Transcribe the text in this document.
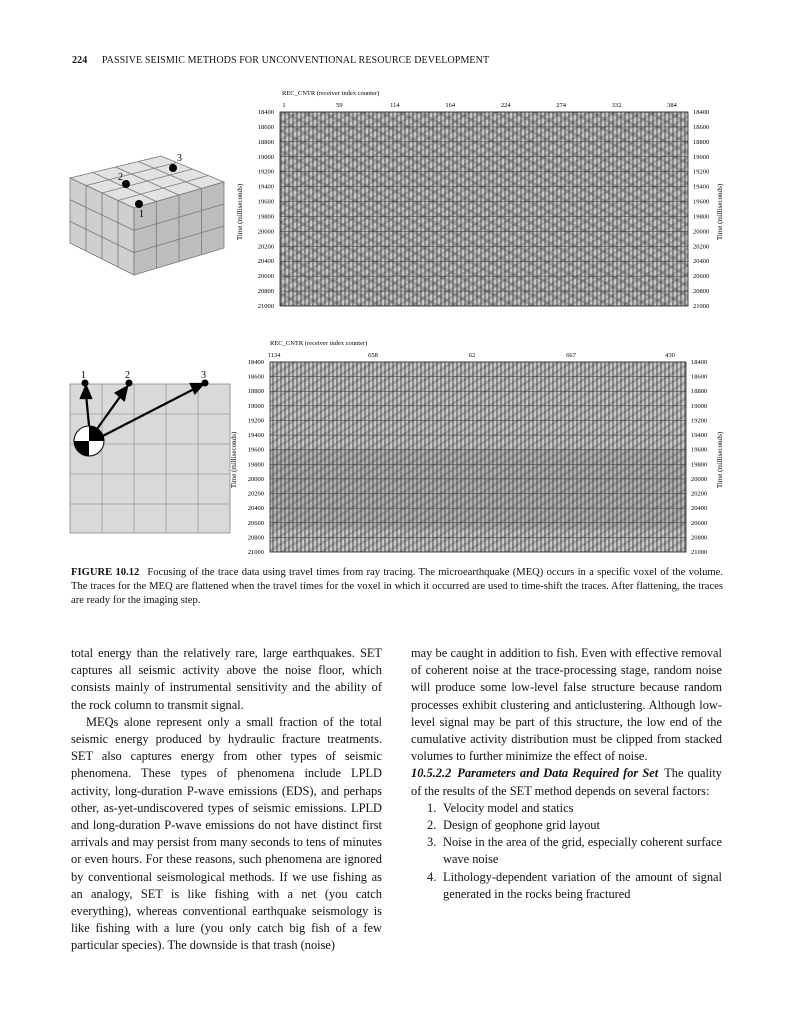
224 PASSIVE SEISMIC METHODS FOR UNCONVENTIONAL RESOURCE DEVELOPMENT
REC_CNTR (receiver index counter)
1	59	114	164	224	274	332	384
18400
18600
18800
19000
19200
19400
19600
19800
20000
20200
20400
20600
20800
21000
18400
18600
18800
19000
19200
19400
19600
19800
20000
20200
20400
20600
20800
21000
Time (milliseconds)	Time (milliseconds)
REC_CNTR (receiver index counter)
1134	658	62	667	430
18400
18600
18800
19000
19200
19400
19600
19800
20000
20200
20400
20600
20800
21000
18400
18600
18800
19000
19200
19400
19600
19800
20000
20200
20400
20600
20800
21000
Time (milliseconds)	Time (milliseconds)
3
2
1
1	2	3
FIGURE 10.12 Focusing of the trace data using travel times from ray tracing. The microearthquake (MEQ) occurs in a specific voxel of the volume. The traces for the MEQ are flattened when the travel times for the voxel in which it occurred are used to time-shift the traces. After flattening, the traces are ready for the imaging step.

total energy than the relatively rare, large earthquakes. SET captures all seismic activity above the noise floor, which consists mainly of instrumental sensitivity and the ability of the rock column to transmit signal.

MEQs alone represent only a small fraction of the total seismic energy produced by hydraulic fracture treatments. SET also captures energy from other types of seismic phenomena. These types of phenomena include LPLD activity, long-duration P-wave emissions (EDS), and perhaps other, as-yet-undiscovered types of seismic emissions. LPLD and long-duration P-wave emissions do not have distinct first arrivals and may persist from many seconds to tens of minutes or even hours. For these reasons, such phenomena are ignored by conventional seismological methods. If we use fishing as an analogy, SET is like fishing with a net (you catch everything), whereas conventional earthquake seismology is like fishing with a lure (you only catch big fish of a few particular species). The downside is that trash (noise)

may be caught in addition to fish. Even with effective removal of coherent noise at the trace-processing stage, random noise will produce some low-level false structure because random processes exhibit clustering and anticlustering. Although low-level signal may be part of this structure, the low end of the cumulative activity distribution must be clipped from stacked volumes to further minimize the effect of noise.

10.5.2.2 Parameters and Data Required for Set The quality of the results of the SET method depends on several factors:

1. Velocity model and statics
2. Design of geophone grid layout
3. Noise in the area of the grid, especially coherent surface wave noise
4. Lithology-dependent variation of the amount of signal generated in the rocks being fractured
